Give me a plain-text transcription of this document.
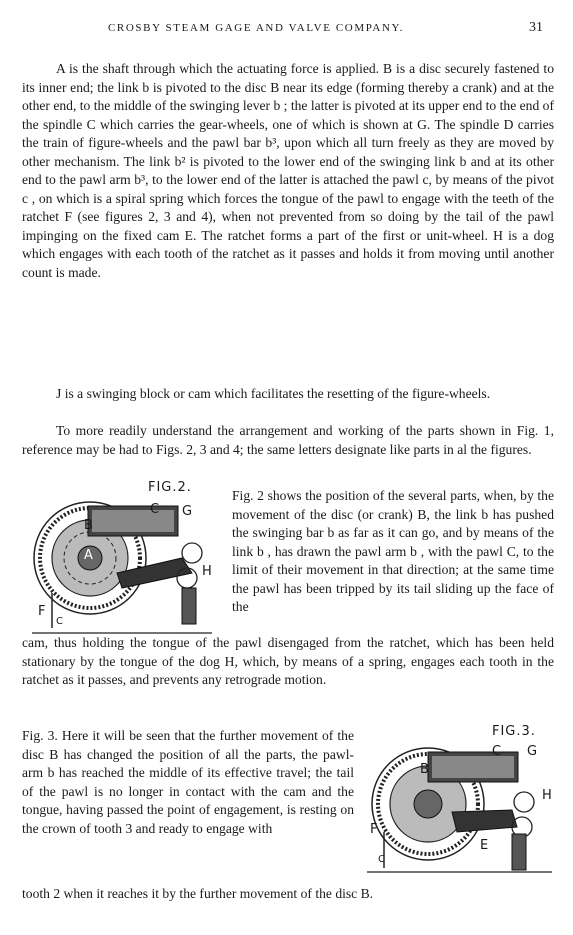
CROSBY STEAM GAGE AND VALVE COMPANY.	31

A is the shaft through which the actuating force is applied. B is a disc securely fastened to its inner end; the link b is pivoted to the disc B near its edge (forming thereby a crank) and at the other end, to the middle of the swinging lever b ; the latter is pivoted at its upper end to the end of the spindle C which carries the gear-wheels, one of which is shown at G. The spindle D carries the train of figure-wheels and the pawl bar b³, upon which all turn freely as they are moved by other mechanism. The link b² is pivoted to the lower end of the swinging link b and at its other end to the pawl arm b³, to the lower end of the latter is attached the pawl c, by means of the pivot c , on which is a spiral spring which forces the tongue of the pawl to engage with the teeth of the ratchet F (see figures 2, 3 and 4), when not prevented from so doing by the tail of the pawl impinging on the fixed cam E. The ratchet forms a part of the first or unit-wheel. H is a dog which engages with each tooth of the ratchet as it passes and holds it from moving until another count is made.

J is a swinging block or cam which facilitates the resetting of the figure-wheels.

To more readily understand the arrangement and working of the parts shown in Fig. 1, reference may be had to Figs. 2, 3 and 4; the same letters designate like parts in al the figures.

FIG.2.
C G
B
A
H
F
C

Fig. 2 shows the position of the several parts, when, by the movement of the disc (or crank) B, the link b has pushed the swinging bar b as far as it can go, and by means of the link b , has drawn the pawl arm b , with the pawl C, to the limit of their movement in that direction; at the same time the pawl has been tripped by its tail sliding up the face of the

cam, thus holding the tongue of the pawl disengaged from the ratchet, which has been held stationary by the tongue of the dog H, which, by means of a spring, engages each tooth in the ratchet as it passes, and prevents any retrograde motion.

FIG.3.
C G
B
H
F
E
C

Fig. 3. Here it will be seen that the further movement of the disc B has changed the position of all the parts, the pawl-arm b has reached the middle of its effective travel; the tail of the pawl is no longer in contact with the cam and the tongue, having passed the point of engagement, is resting on the crown of tooth 3 and ready to engage with

tooth 2 when it reaches it by the further movement of the disc B.
